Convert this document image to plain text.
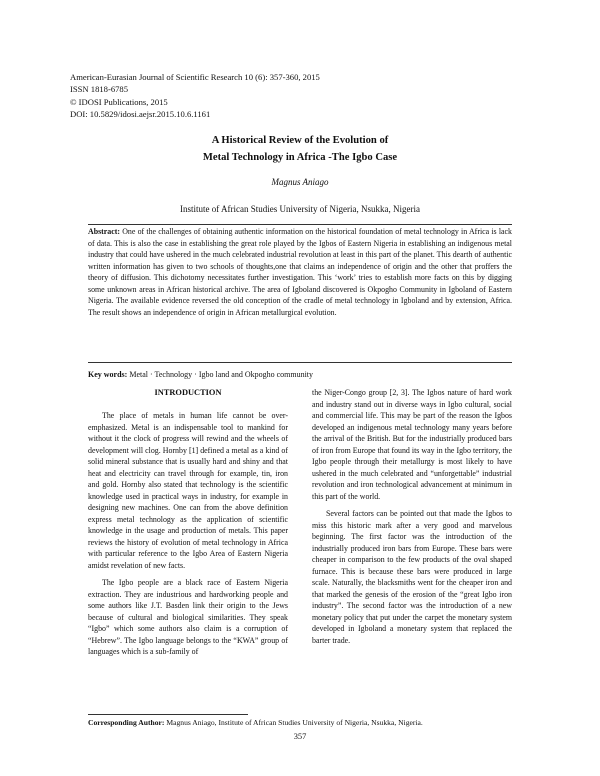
American-Eurasian Journal of Scientific Research 10 (6): 357-360, 2015
ISSN 1818-6785
© IDOSI Publications, 2015
DOI: 10.5829/idosi.aejsr.2015.10.6.1161
A Historical Review of the Evolution of
Metal Technology in Africa -The Igbo Case
Magnus Aniago
Institute of African Studies University of Nigeria, Nsukka, Nigeria
Abstract: One of the challenges of obtaining authentic information on the historical foundation of metal technology in Africa is lack of data. This is also the case in establishing the great role played by the Igbos of Eastern Nigeria in establishing an indigenous metal industry that could have ushered in the much celebrated industrial revolution at least in this part of the planet. This dearth of authentic written information has given to two schools of thoughts,one that claims an independence of origin and the other that proffers the theory of diffusion. This dichotomy necessitates further investigation. This ‘work’ tries to establish more facts on this by digging some unknown areas in African historical archive. The area of Igboland discovered is Okpogho Community in Igboland of Eastern Nigeria. The available evidence reversed the old conception of the cradle of metal technology in Igboland and by extension, Africa. The result shows an independence of origin in African metallurgical evolution.
Key words: Metal · Technology · Igbo land and Okpogho community
INTRODUCTION

The place of metals in human life cannot be over-emphasized. Metal is an indispensable tool to mankind for without it the clock of progress will rewind and the wheels of development will clog. Hornby [1] defined a metal as a kind of solid mineral substance that is usually hard and shiny and that heat and electricity can travel through for example, tin, iron and gold. Hornby also stated that technology is the scientific knowledge used in practical ways in industry, for example in designing new machines. One can from the above definition express metal technology as the application of scientific knowledge in the usage and production of metals. This paper reviews the history of evolution of metal technology in Africa with particular reference to the Igbo Area of Eastern Nigeria amidst revelation of new facts.

The Igbo people are a black race of Eastern Nigeria extraction. They are industrious and hardworking people and some authors like J.T. Basden link their origin to the Jews because of cultural and biological similarities. They speak “Igbo” which some authors also claim is a corruption of “Hebrew”. The Igbo language belongs to the “KWA” group of languages which is a sub-family of

the Niger-Congo group [2, 3]. The Igbos nature of hard work and industry stand out in diverse ways in Igbo cultural, social and commercial life. This may be part of the reason the Igbos developed an indigenous metal technology many years before the arrival of the British. But for the industrially produced bars of iron from Europe that found its way in the Igbo territory, the Igbo people through their metallurgy is most likely to have ushered in the much celebrated and “unforgettable” industrial revolution and iron technological advancement at minimum in this part of the world.

Several factors can be pointed out that made the Igbos to miss this historic mark after a very good and marvelous beginning. The first factor was the introduction of the industrially produced iron bars from Europe. These bars were cheaper in comparison to the few products of the oval shaped furnace. This is because these bars were produced in large scale. Naturally, the blacksmiths went for the cheaper iron and that marked the genesis of the erosion of the “great Igbo iron industry”. The second factor was the introduction of a new monetary policy that put under the carpet the monetary system developed in Igboland a monetary system that replaced the barter trade.

Corresponding Author: Magnus Aniago, Institute of African Studies University of Nigeria, Nsukka, Nigeria.
357
